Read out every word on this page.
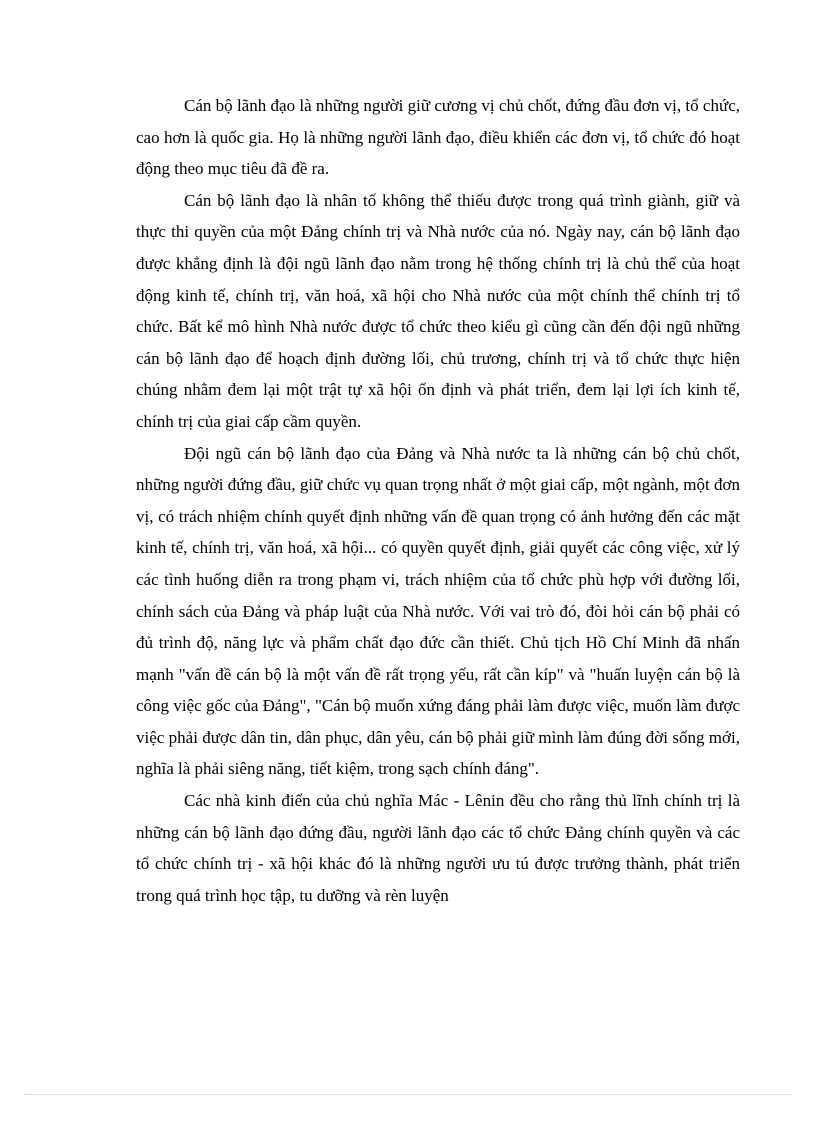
Cán bộ lãnh đạo là những người giữ cương vị chủ chốt, đứng đầu đơn vị, tổ chức, cao hơn là quốc gia. Họ là những người lãnh đạo, điều khiển các đơn vị, tổ chức đó hoạt động theo mục tiêu đã đề ra.

Cán bộ lãnh đạo là nhân tố không thể thiếu được trong quá trình giành, giữ và thực thi quyền của một Đảng chính trị và Nhà nước của nó. Ngày nay, cán bộ lãnh đạo được khẳng định là đội ngũ lãnh đạo nằm trong hệ thống chính trị là chủ thể của hoạt động kinh tế, chính trị, văn hoá, xã hội cho Nhà nước của một chính thể chính trị tổ chức. Bất kể mô hình Nhà nước được tổ chức theo kiểu gì cũng cần đến đội ngũ những cán bộ lãnh đạo để hoạch định đường lối, chủ trương, chính trị và tổ chức thực hiện chúng nhằm đem lại một trật tự xã hội ổn định và phát triển, đem lại lợi ích kinh tế, chính trị của giai cấp cầm quyền.

Đội ngũ cán bộ lãnh đạo của Đảng và Nhà nước ta là những cán bộ chủ chốt, những người đứng đầu, giữ chức vụ quan trọng nhất ở một giai cấp, một ngành, một đơn vị, có trách nhiệm chính quyết định những vấn đề quan trọng có ảnh hưởng đến các mặt kinh tế, chính trị, văn hoá, xã hội... có quyền quyết định, giải quyết các công việc, xử lý các tình huống diễn ra trong phạm vi, trách nhiệm của tổ chức phù hợp với đường lối, chính sách của Đảng và pháp luật của Nhà nước. Với vai trò đó, đòi hỏi cán bộ phải có đủ trình độ, năng lực và phẩm chất đạo đức cần thiết. Chủ tịch Hồ Chí Minh đã nhấn mạnh "vấn đề cán bộ là một vấn đề rất trọng yếu, rất cần kíp" và "huấn luyện cán bộ là công việc gốc của Đảng", "Cán bộ muốn xứng đáng phải làm được việc, muốn làm được việc phải được dân tin, dân phục, dân yêu, cán bộ phải giữ mình làm đúng đời sống mới, nghĩa là phải siêng năng, tiết kiệm, trong sạch chính đáng".

Các nhà kinh điển của chủ nghĩa Mác - Lênin đều cho rằng thủ lĩnh chính trị là những cán bộ lãnh đạo đứng đầu, người lãnh đạo các tổ chức Đảng chính quyền và các tổ chức chính trị - xã hội khác đó là những người ưu tú được trưởng thành, phát triển trong quá trình học tập, tu dưỡng và rèn luyện
